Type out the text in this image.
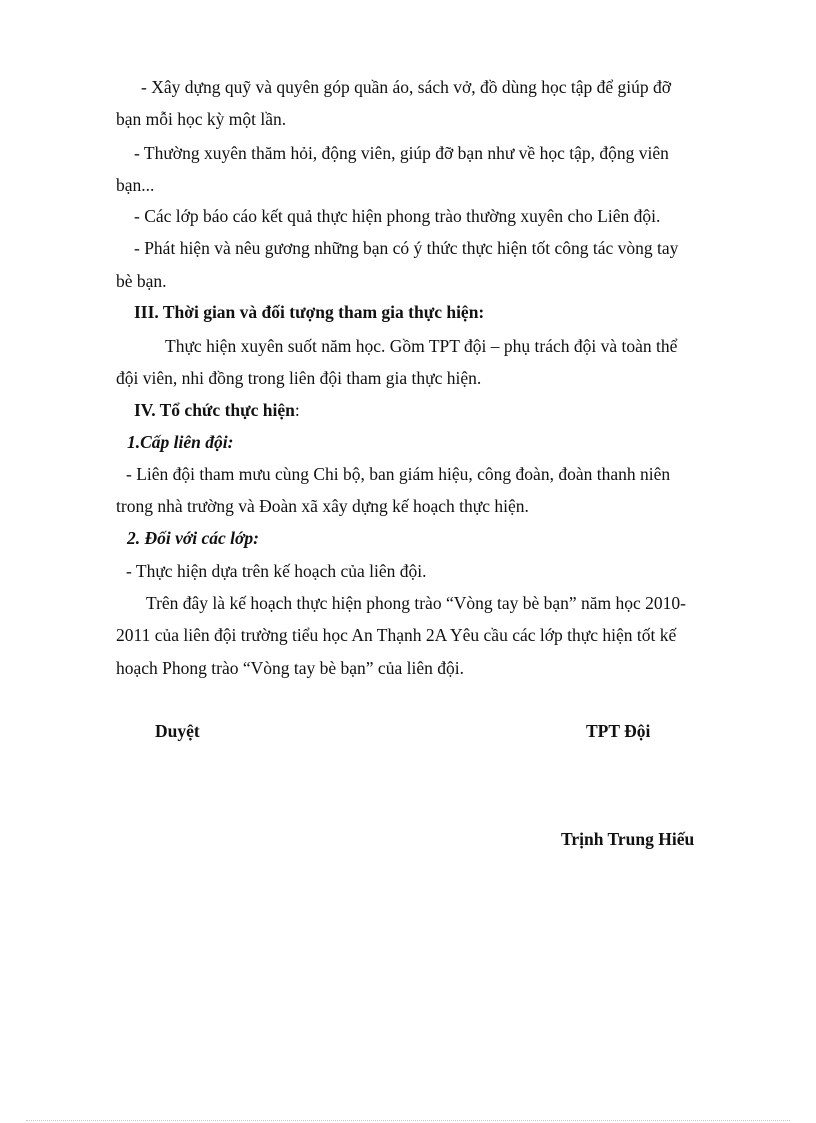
- Xây dựng quỹ và quyên góp quần áo, sách vở, đồ dùng học tập để giúp đỡ
bạn mỗi học kỳ một lần.
- Thường xuyên thăm hỏi, động viên, giúp đỡ bạn như về học tập, động viên
bạn...
- Các lớp báo cáo kết quả thực hiện phong trào thường xuyên cho Liên đội.
- Phát hiện và nêu gương những bạn có ý thức thực hiện tốt công tác vòng tay
bè bạn.
III. Thời gian và đối tượng tham gia thực hiện:
Thực hiện xuyên suốt năm học. Gồm TPT đội – phụ trách đội và toàn thể
đội viên, nhi đồng trong liên đội tham gia thực hiện.
IV. Tổ chức thực hiện:
1.Cấp liên đội:
- Liên đội tham mưu cùng Chi bộ, ban giám hiệu, công đoàn, đoàn thanh niên
trong nhà trường và Đoàn xã xây dựng kế hoạch thực hiện.
2. Đối với các lớp:
- Thực hiện dựa trên kế hoạch của liên đội.
Trên đây là kế hoạch thực hiện phong trào “Vòng tay bè bạn” năm học 2010-
2011 của liên đội trường tiểu học An Thạnh 2A Yêu cầu các lớp thực hiện tốt kế
hoạch Phong trào “Vòng tay bè bạn” của liên đội.
Duyệt	TPT Đội
Trịnh Trung Hiếu
